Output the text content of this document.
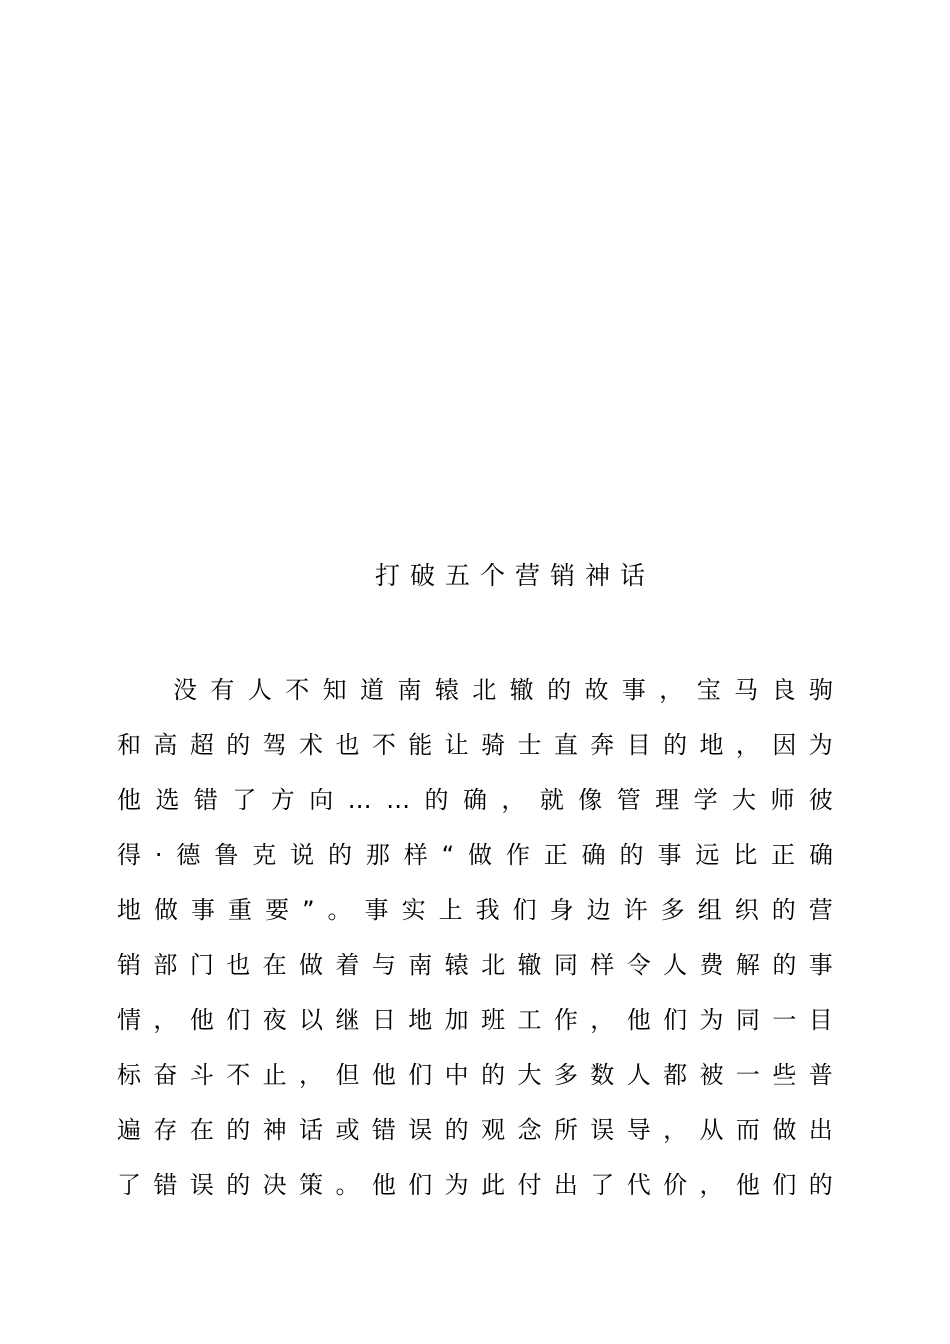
打破五个营销神话
没 有 人 不 知 道 南 辕 北 辙 的 故 事 ， 宝 马 良 驹
和 高 超 的 驾 术 也 不 能 让 骑 士 直 奔 目 的 地 ， 因 为
他 选 错 了 方 向 … … 的 确 ， 就 像 管 理 学 大 师 彼
得 · 德 鲁 克 说 的 那 样 “ 做 作 正 确 的 事 远 比 正 确
地 做 事 重 要 ” 。 事 实 上 我 们 身 边 许 多 组 织 的 营
销 部 门 也 在 做 着 与 南 辕 北 辙 同 样 令 人 费 解 的 事
情 ， 他 们 夜 以 继 日 地 加 班 工 作 ， 他 们 为 同 一 目
标 奋 斗 不 止 ， 但 他 们 中 的 大 多 数 人 都 被 一 些 普
遍 存 在 的 神 话 或 错 误 的 观 念 所 误 导 ， 从 而 做 出
了 错 误 的 决 策 。 他 们 为 此 付 出 了 代 价 ， 他 们 的
